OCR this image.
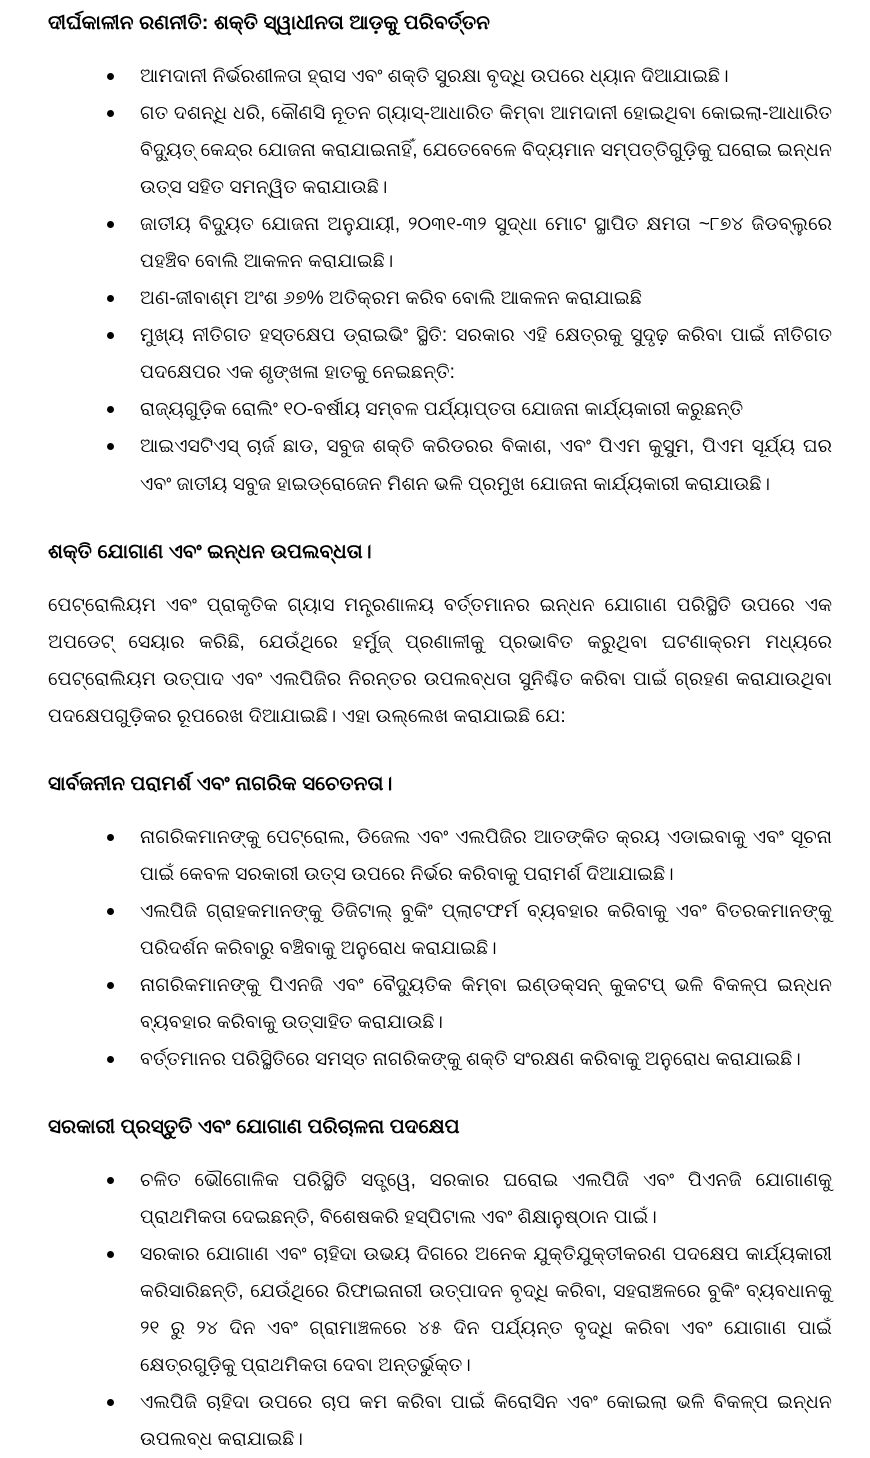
ଦୀର୍ଘକାଳୀନ ରଣନୀତି: ଶକ୍ତି ସ୍ୱାଧୀନତା ଆଡ଼କୁ ପରିବର୍ତ୍ତନ
ଆମଦାନୀ ନିର୍ଭରଶୀଳତା ହ୍ରାସ ଏବଂ ଶକ୍ତି ସୁରକ୍ଷା ବୃଦ୍ଧି ଉପରେ ଧ୍ୟାନ ଦିଆଯାଇଛି।
ଗତ ଦଶନ୍ଧି ଧରି, କୌଣସି ନୂତନ ଗ୍ୟାସ୍-ଆଧାରିତ କିମ୍ବା ଆମଦାନୀ ହୋଇଥିବା କୋଇଲା-ଆଧାରିତ ବିଦ୍ୟୁତ୍ କେନ୍ଦ୍ର ଯୋଜନା କରାଯାଇନାହିଁ, ଯେତେବେଳେ ବିଦ୍ୟମାନ ସମ୍ପତ୍ତିଗୁଡ଼ିକୁ ଘରୋଇ ଇନ୍ଧନ ଉତ୍ସ ସହିତ ସମନ୍ୱିତ କରାଯାଉଛି।
ଜାତୀୟ ବିଦ୍ୟୁତ ଯୋଜନା ଅନୁଯାୟୀ, ୨୦୩୧-୩୨ ସୁଦ୍ଧା ମୋଟ ସ୍ଥାପିତ କ୍ଷମତା ~୮୭୪ ଜିଡବ୍ଲୁରେ ପହଞ୍ଚିବ ବୋଲି ଆକଳନ କରାଯାଇଛି।
ଅଣ-ଜୀବାଶ୍ମ ଅଂଶ ୬୭% ଅତିକ୍ରମ କରିବ ବୋଲି ଆକଳନ କରାଯାଇଛି
ମୁଖ୍ୟ ନୀତିଗତ ହସ୍ତକ୍ଷେପ ଡ୍ରାଇଭିଂ ସ୍ଥିତି: ସରକାର ଏହି କ୍ଷେତ୍ରକୁ ସୁଦୃଢ଼ କରିବା ପାଇଁ ନୀତିଗତ ପଦକ୍ଷେପର ଏକ ଶୃଙ୍ଖଳା ହାତକୁ ନେଇଛନ୍ତି:
ରାଜ୍ୟଗୁଡ଼ିକ ରୋଲିଂ ୧୦-ବର୍ଷୀୟ ସମ୍ବଳ ପର୍ଯ୍ୟାପ୍ତତା ଯୋଜନା କାର୍ଯ୍ୟକାରୀ କରୁଛନ୍ତି
ଆଇଏସଟିଏସ୍ ଚାର୍ଜ ଛାଡ, ସବୁଜ ଶକ୍ତି କରିଡରର ବିକାଶ, ଏବଂ ପିଏମ କୁସୁମ, ପିଏମ ସୂର୍ଯ୍ୟ ଘର ଏବଂ ଜାତୀୟ ସବୁଜ ହାଇଡ୍ରୋଜେନ ମିଶନ ଭଳି ପ୍ରମୁଖ ଯୋଜନା କାର୍ଯ୍ୟକାରୀ କରାଯାଉଛି।
ଶକ୍ତି ଯୋଗାଣ ଏବଂ ଇନ୍ଧନ ଉପଲବ୍ଧତା।

ପେଟ୍ରୋଲିୟମ ଏବଂ ପ୍ରାକୃତିକ ଗ୍ୟାସ ମନ୍ତ୍ରଣାଳୟ ବର୍ତ୍ତମାନର ଇନ୍ଧନ ଯୋଗାଣ ପରିସ୍ଥିତି ଉପରେ ଏକ ଅପଡେଟ୍ ସେୟାର କରିଛି, ଯେଉଁଥିରେ ହର୍ମୁଜ୍ ପ୍ରଣାଳୀକୁ ପ୍ରଭାବିତ କରୁଥିବା ଘଟଣାକ୍ରମ ମଧ୍ୟରେ ପେଟ୍ରୋଲିୟମ ଉତ୍ପାଦ ଏବଂ ଏଲପିଜିର ନିରନ୍ତର ଉପଲବ୍ଧତା ସୁନିଶ୍ଚିତ କରିବା ପାଇଁ ଗ୍ରହଣ କରାଯାଉଥିବା ପଦକ୍ଷେପଗୁଡ଼ିକର ରୂପରେଖ ଦିଆଯାଇଛି। ଏହା ଉଲ୍ଲେଖ କରାଯାଇଛି ଯେ:

ସାର୍ବଜନୀନ ପରାମର୍ଶ ଏବଂ ନାଗରିକ ସଚେତନତା।
ନାଗରିକମାନଙ୍କୁ ପେଟ୍ରୋଲ, ଡିଜେଲ ଏବଂ ଏଲପିଜିର ଆତଙ୍କିତ କ୍ରୟ ଏଡାଇବାକୁ ଏବଂ ସୂଚନା ପାଇଁ କେବଳ ସରକାରୀ ଉତ୍ସ ଉପରେ ନିର୍ଭର କରିବାକୁ ପରାମର୍ଶ ଦିଆଯାଇଛି।
ଏଲପିଜି ଗ୍ରାହକମାନଙ୍କୁ ଡିଜିଟାଲ୍ ବୁକିଂ ପ୍ଲାଟଫର୍ମ ବ୍ୟବହାର କରିବାକୁ ଏବଂ ବିତରକମାନଙ୍କୁ ପରିଦର୍ଶନ କରିବାରୁ ବଞ୍ଚିବାକୁ ଅନୁରୋଧ କରାଯାଇଛି।
ନାଗରିକମାନଙ୍କୁ ପିଏନଜି ଏବଂ ବୈଦ୍ୟୁତିକ କିମ୍ବା ଇଣ୍ଡକ୍ସନ୍ କୁକଟପ୍ ଭଳି ବିକଳ୍ପ ଇନ୍ଧନ ବ୍ୟବହାର କରିବାକୁ ଉତ୍ସାହିତ କରାଯାଉଛି।
ବର୍ତ୍ତମାନର ପରିସ୍ଥିତିରେ ସମସ୍ତ ନାଗରିକଙ୍କୁ ଶକ୍ତି ସଂରକ୍ଷଣ କରିବାକୁ ଅନୁରୋଧ କରାଯାଇଛି।
ସରକାରୀ ପ୍ରସ୍ତୁତି ଏବଂ ଯୋଗାଣ ପରିଚାଳନା ପଦକ୍ଷେପ
ଚଳିତ ଭୌଗୋଳିକ ପରିସ୍ଥିତି ସତ୍ତ୍ୱେ, ସରକାର ଘରୋଇ ଏଲପିଜି ଏବଂ ପିଏନଜି ଯୋଗାଣକୁ ପ୍ରାଥମିକତା ଦେଇଛନ୍ତି, ବିଶେଷକରି ହସ୍ପିଟାଲ ଏବଂ ଶିକ୍ଷାନୁଷ୍ଠାନ ପାଇଁ।
ସରକାର ଯୋଗାଣ ଏବଂ ଚାହିଦା ଉଭୟ ଦିଗରେ ଅନେକ ଯୁକ୍ତିଯୁକ୍ତୀକରଣ ପଦକ୍ଷେପ କାର୍ଯ୍ୟକାରୀ କରିସାରିଛନ୍ତି, ଯେଉଁଥିରେ ରିଫାଇନାରୀ ଉତ୍ପାଦନ ବୃଦ୍ଧି କରିବା, ସହରାଞ୍ଚଳରେ ବୁକିଂ ବ୍ୟବଧାନକୁ ୨୧ ରୁ ୨୪ ଦିନ ଏବଂ ଗ୍ରାମାଞ୍ଚଳରେ ୪୫ ଦିନ ପର୍ଯ୍ୟନ୍ତ ବୃଦ୍ଧି କରିବା ଏବଂ ଯୋଗାଣ ପାଇଁ କ୍ଷେତ୍ରଗୁଡ଼ିକୁ ପ୍ରାଥମିକତା ଦେବା ଅନ୍ତର୍ଭୁକ୍ତ।
ଏଲପିଜି ଚାହିଦା ଉପରେ ଚାପ କମ କରିବା ପାଇଁ କିରୋସିନ ଏବଂ କୋଇଲା ଭଳି ବିକଳ୍ପ ଇନ୍ଧନ ଉପଲବ୍ଧ କରାଯାଇଛି।
